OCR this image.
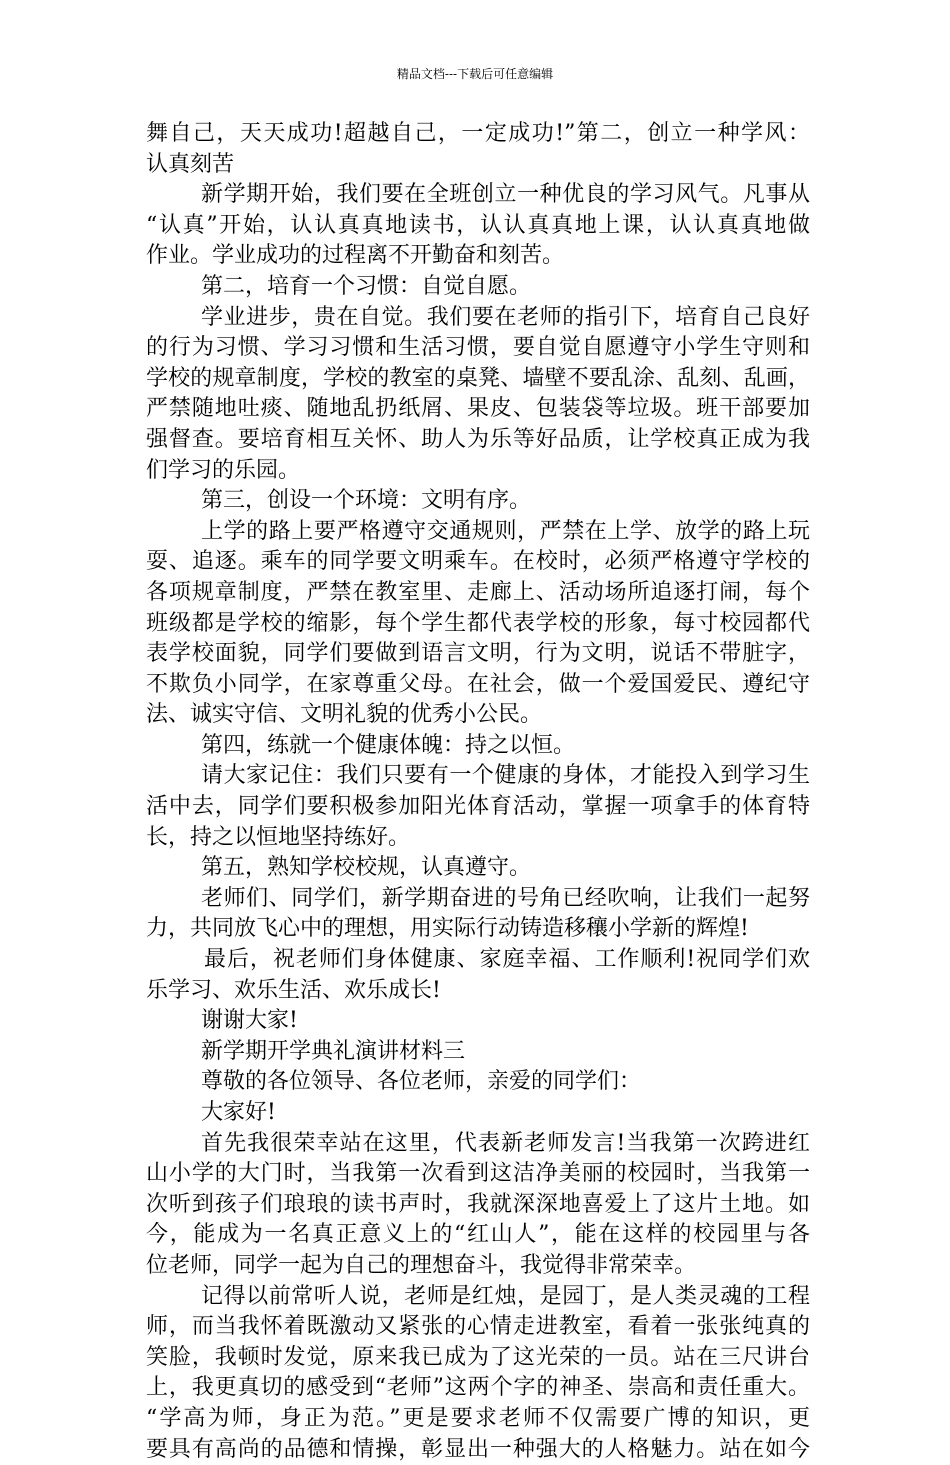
精品文档---下载后可任意编辑
舞自己，天天成功!超越自己，一定成功!”第二，创立一种学风：
认真刻苦
新学期开始，我们要在全班创立一种优良的学习风气。凡事从
“认真”开始，认认真真地读书，认认真真地上课，认认真真地做
作业。学业成功的过程离不开勤奋和刻苦。
第二，培育一个习惯：自觉自愿。
学业进步，贵在自觉。我们要在老师的指引下，培育自己良好
的行为习惯、学习习惯和生活习惯，要自觉自愿遵守小学生守则和
学校的规章制度，学校的教室的桌凳、墙壁不要乱涂、乱刻、乱画，
严禁随地吐痰、随地乱扔纸屑、果皮、包装袋等垃圾。班干部要加
强督查。要培育相互关怀、助人为乐等好品质，让学校真正成为我
们学习的乐园。
第三，创设一个环境：文明有序。
上学的路上要严格遵守交通规则，严禁在上学、放学的路上玩
耍、追逐。乘车的同学要文明乘车。在校时，必须严格遵守学校的
各项规章制度，严禁在教室里、走廊上、活动场所追逐打闹，每个
班级都是学校的缩影，每个学生都代表学校的形象，每寸校园都代
表学校面貌，同学们要做到语言文明，行为文明，说话不带脏字，
不欺负小同学，在家尊重父母。在社会，做一个爱国爱民、遵纪守
法、诚实守信、文明礼貌的优秀小公民。
第四，练就一个健康体魄：持之以恒。
请大家记住：我们只要有一个健康的身体，才能投入到学习生
活中去，同学们要积极参加阳光体育活动，掌握一项拿手的体育特
长，持之以恒地坚持练好。
第五，熟知学校校规，认真遵守。
老师们、同学们，新学期奋进的号角已经吹响，让我们一起努
力，共同放飞心中的理想，用实际行动铸造移穰小学新的辉煌!
最后，祝老师们身体健康、家庭幸福、工作顺利!祝同学们欢
乐学习、欢乐生活、欢乐成长!
谢谢大家!
新学期开学典礼演讲材料三
尊敬的各位领导、各位老师，亲爱的同学们：
大家好!
首先我很荣幸站在这里，代表新老师发言!当我第一次跨进红
山小学的大门时，当我第一次看到这洁净美丽的校园时，当我第一
次听到孩子们琅琅的读书声时，我就深深地喜爱上了这片土地。如
今，能成为一名真正意义上的“红山人”，能在这样的校园里与各
位老师，同学一起为自己的理想奋斗，我觉得非常荣幸。
记得以前常听人说，老师是红烛，是园丁，是人类灵魂的工程
师，而当我怀着既激动又紧张的心情走进教室，看着一张张纯真的
笑脸，我顿时发觉，原来我已成为了这光荣的一员。站在三尺讲台
上，我更真切的感受到“老师”这两个字的神圣、崇高和责任重大。
“学高为师，身正为范。”更是要求老师不仅需要广博的知识，更
要具有高尚的品德和情操，彰显出一种强大的人格魅力。站在如今
